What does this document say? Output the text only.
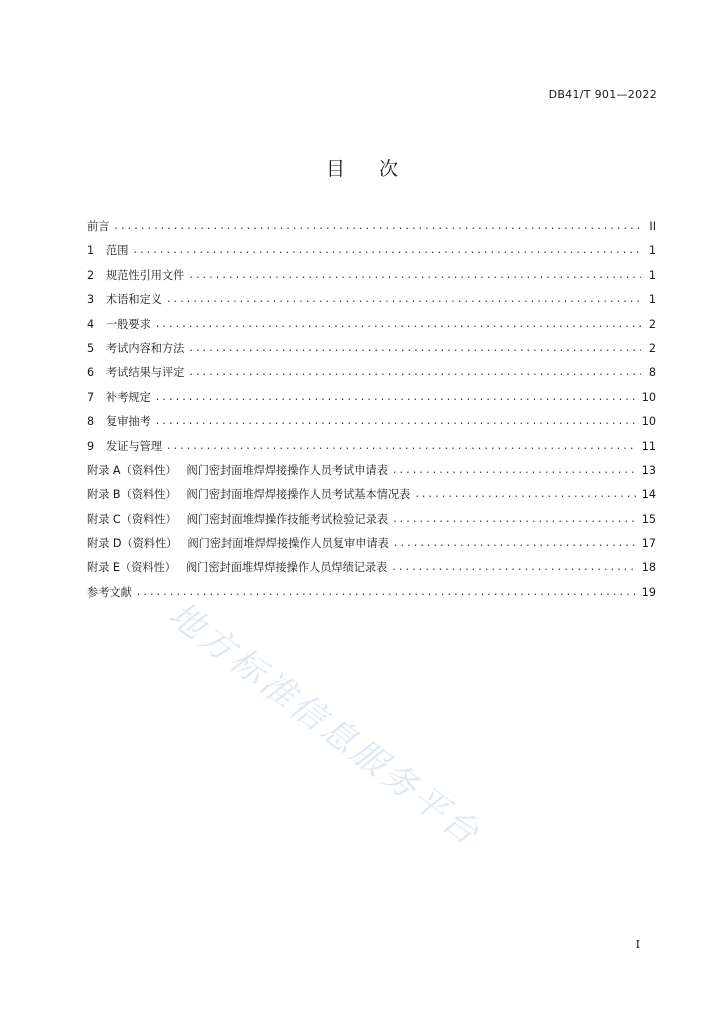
DB41/T 901—2022
目次
前言 . . .	II
1	范围 . . .	1
2	规范性引用文件 . . .	1
3	术语和定义 . . .	1
4	一般要求 . . .	2
5	考试内容和方法 . . .	2
6	考试结果与评定 . . .	8
7	补考规定 . . .	10
8	复审抽考 . . .	10
9	发证与管理 . . .	11
附录 A（资料性） 阀门密封面堆焊焊接操作人员考试申请表 . . .	13
附录 B（资料性） 阀门密封面堆焊焊接操作人员考试基本情况表 . . .	14
附录 C（资料性） 阀门密封面堆焊操作技能考试检验记录表 . . .	15
附录 D（资料性） 阀门密封面堆焊焊接操作人员复审申请表 . . .	17
附录 E（资料性） 阀门密封面堆焊焊接操作人员焊绩记录表 . . .	18
参考文献 . . .	19
地方标准信息服务平台
I
